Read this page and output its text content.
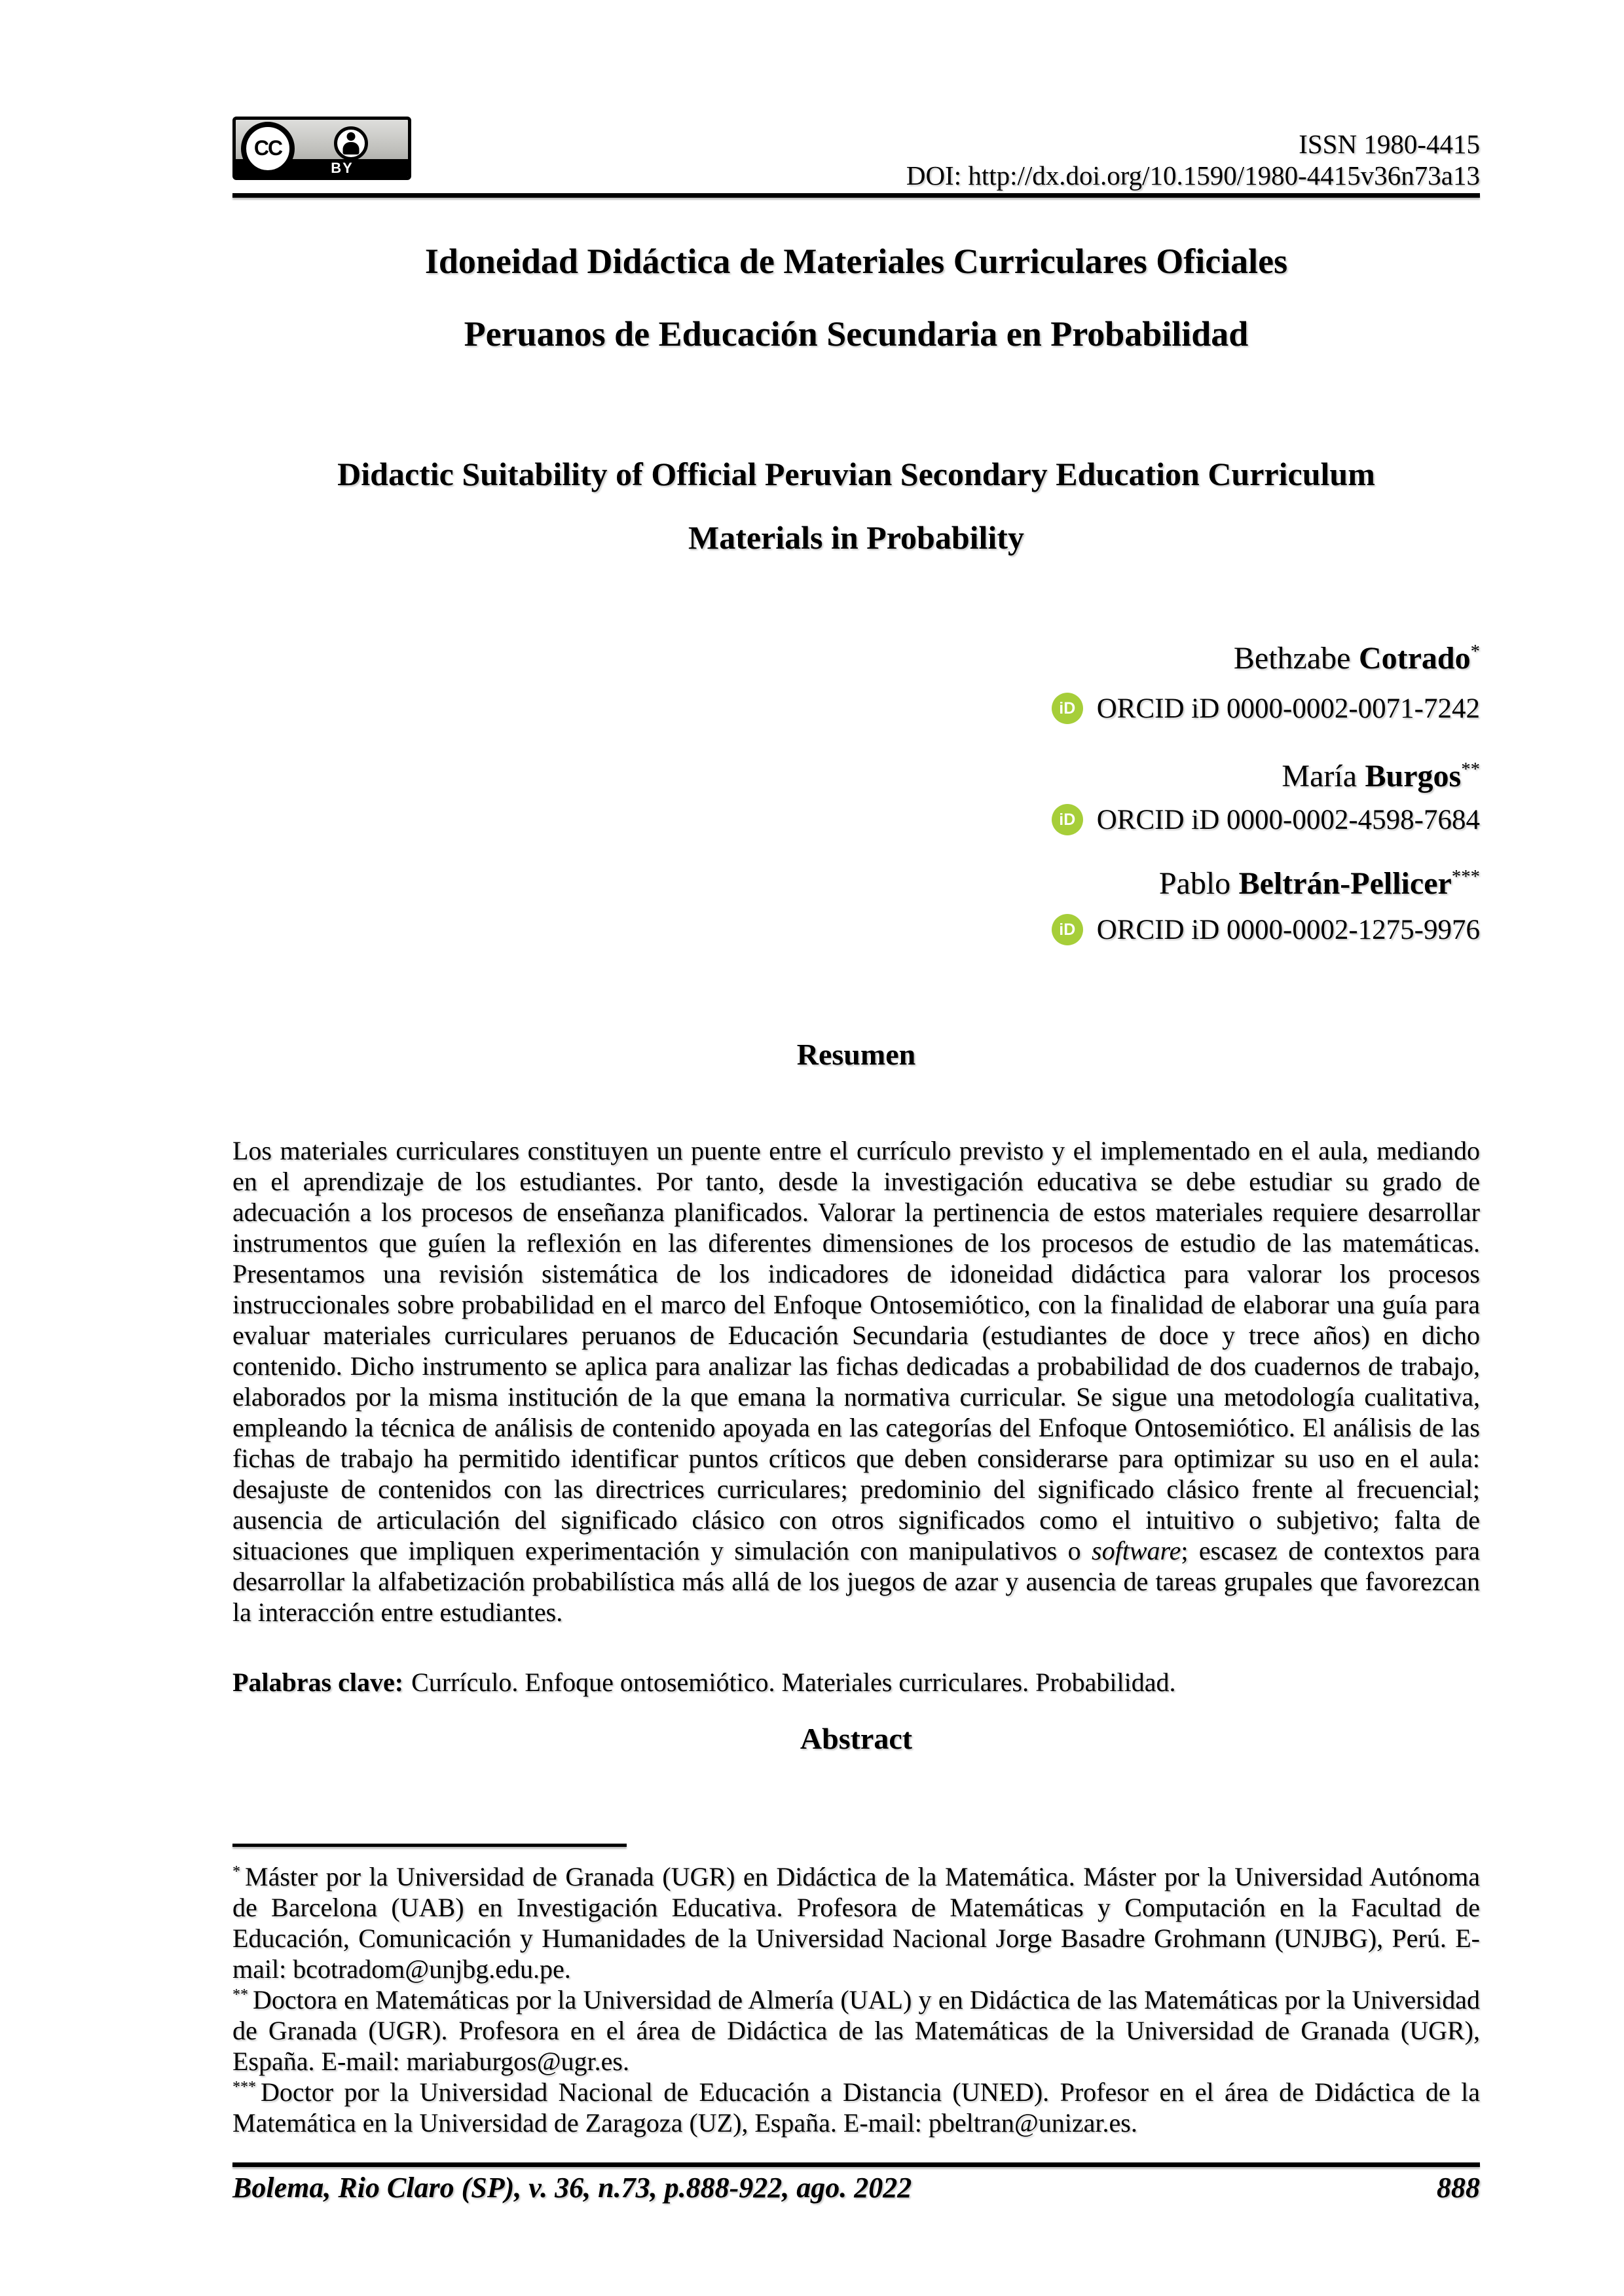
BY
CC	ISSN 1980-4415
DOI: http://dx.doi.org/10.1590/1980-4415v36n73a13
Idoneidad Didáctica de Materiales Curriculares Oficiales
Peruanos de Educación Secundaria en Probabilidad
Didactic Suitability of Official Peruvian Secondary Education Curriculum
Materials in Probability
Bethzabe Cotrado*
iD ORCID iD 0000-0002-0071-7242
María Burgos**
iD ORCID iD 0000-0002-4598-7684
Pablo Beltrán-Pellicer***
iD ORCID iD 0000-0002-1275-9976
Resumen

Los materiales curriculares constituyen un puente entre el currículo previsto y el implementado en el aula, mediando en el aprendizaje de los estudiantes. Por tanto, desde la investigación educativa se debe estudiar su grado de adecuación a los procesos de enseñanza planificados. Valorar la pertinencia de estos materiales requiere desarrollar instrumentos que guíen la reflexión en las diferentes dimensiones de los procesos de estudio de las matemáticas. Presentamos una revisión sistemática de los indicadores de idoneidad didáctica para valorar los procesos instruccionales sobre probabilidad en el marco del Enfoque Ontosemiótico, con la finalidad de elaborar una guía para evaluar materiales curriculares peruanos de Educación Secundaria (estudiantes de doce y trece años) en dicho contenido. Dicho instrumento se aplica para analizar las fichas dedicadas a probabilidad de dos cuadernos de trabajo, elaborados por la misma institución de la que emana la normativa curricular. Se sigue una metodología cualitativa, empleando la técnica de análisis de contenido apoyada en las categorías del Enfoque Ontosemiótico. El análisis de las fichas de trabajo ha permitido identificar puntos críticos que deben considerarse para optimizar su uso en el aula: desajuste de contenidos con las directrices curriculares; predominio del significado clásico frente al frecuencial; ausencia de articulación del significado clásico con otros significados como el intuitivo o subjetivo; falta de situaciones que impliquen experimentación y simulación con manipulativos o software; escasez de contextos para desarrollar la alfabetización probabilística más allá de los juegos de azar y ausencia de tareas grupales que favorezcan la interacción entre estudiantes.

Palabras clave: Currículo. Enfoque ontosemiótico. Materiales curriculares. Probabilidad.

Abstract

* Máster por la Universidad de Granada (UGR) en Didáctica de la Matemática. Máster por la Universidad Autónoma de Barcelona (UAB) en Investigación Educativa. Profesora de Matemáticas y Computación en la Facultad de Educación, Comunicación y Humanidades de la Universidad Nacional Jorge Basadre Grohmann (UNJBG), Perú. E-mail: bcotradom@unjbg.edu.pe.

** Doctora en Matemáticas por la Universidad de Almería (UAL) y en Didáctica de las Matemáticas por la Universidad de Granada (UGR). Profesora en el área de Didáctica de las Matemáticas de la Universidad de Granada (UGR), España. E-mail: mariaburgos@ugr.es.

*** Doctor por la Universidad Nacional de Educación a Distancia (UNED). Profesor en el área de Didáctica de la Matemática en la Universidad de Zaragoza (UZ), España. E-mail: pbeltran@unizar.es.

Bolema, Rio Claro (SP), v. 36, n.73, p.888-922, ago. 2022	888
